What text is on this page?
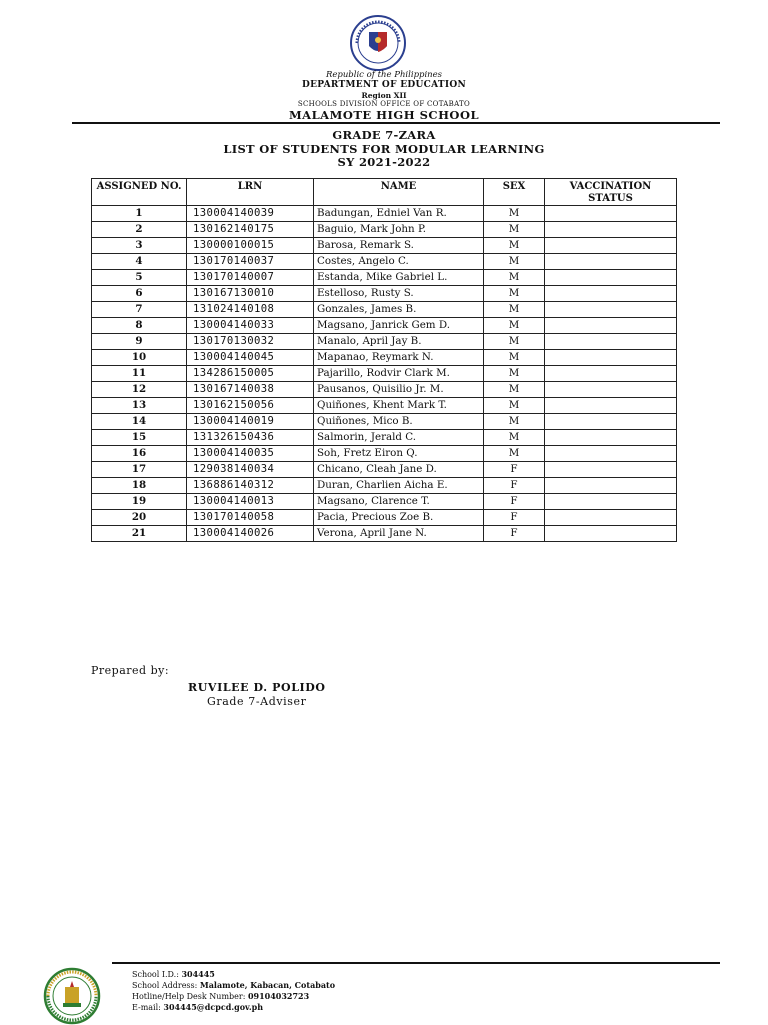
Republic of the Philippines
DEPARTMENT OF EDUCATION
Region XII
SCHOOLS DIVISION OFFICE OF COTABATO
MALAMOTE HIGH SCHOOL
GRADE 7-ZARA
LIST OF STUDENTS FOR MODULAR LEARNING
SY 2021-2022
ASSIGNED NO.	LRN	NAME	SEX	VACCINATION STATUS
1	130004140039	Badungan, Edniel Van R.	M	
2	130162140175	Baguio, Mark John P.	M	
3	130000100015	Barosa, Remark S.	M	
4	130170140037	Costes, Angelo C.	M	
5	130170140007	Estanda, Mike Gabriel L.	M	
6	130167130010	Estelloso, Rusty S.	M	
7	131024140108	Gonzales, James B.	M	
8	130004140033	Magsano, Janrick Gem D.	M	
9	130170130032	Manalo, April Jay B.	M	
10	130004140045	Mapanao, Reymark N.	M	
11	134286150005	Pajarillo, Rodvir Clark M.	M	
12	130167140038	Pausanos, Quisilio Jr. M.	M	
13	130162150056	Quiñones, Khent Mark T.	M	
14	130004140019	Quiñones, Mico B.	M	
15	131326150436	Salmorin, Jerald C.	M	
16	130004140035	Soh, Fretz Eiron Q.	M	
17	129038140034	Chicano, Cleah Jane D.	F	
18	136886140312	Duran, Charlien Aicha E.	F	
19	130004140013	Magsano, Clarence T.	F	
20	130170140058	Pacia, Precious Zoe B.	F	
21	130004140026	Verona, April Jane N.	F	
Prepared by:
RUVILEE D. POLIDO
Grade 7-Adviser
School I.D.: 304445
School Address: Malamote, Kabacan, Cotabato
Hotline/Help Desk Number: 09104032723
E-mail: 304445@dcpcd.gov.ph
